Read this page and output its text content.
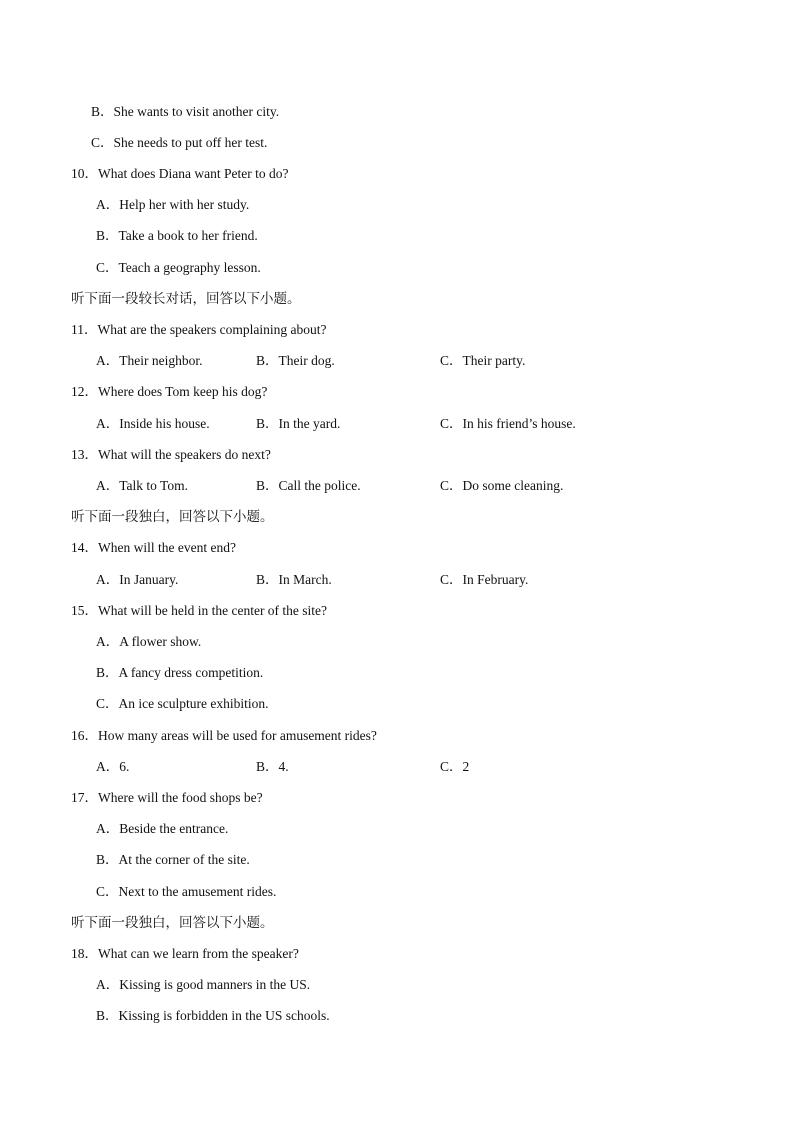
B．She wants to visit another city.
C．She needs to put off her test.
10．What does Diana want Peter to do?
A．Help her with her study.
B．Take a book to her friend.
C．Teach a geography lesson.
听下面一段较长对话，回答以下小题。
11．What are the speakers complaining about?
A．Their neighbor.	B．Their dog.	C．Their party.
12．Where does Tom keep his dog?
A．Inside his house.	B．In the yard.	C．In his friend’s house.
13．What will the speakers do next?
A．Talk to Tom.	B．Call the police.	C．Do some cleaning.
听下面一段独白，回答以下小题。
14．When will the event end?
A．In January.	B．In March.	C．In February.
15．What will be held in the center of the site?
A．A flower show.
B．A fancy dress competition.
C．An ice sculpture exhibition.
16．How many areas will be used for amusement rides?
A．6.	B．4.	C．2
17．Where will the food shops be?
A．Beside the entrance.
B．At the corner of the site.
C．Next to the amusement rides.
听下面一段独白，回答以下小题。
18．What can we learn from the speaker?
A．Kissing is good manners in the US.
B．Kissing is forbidden in the US schools.
